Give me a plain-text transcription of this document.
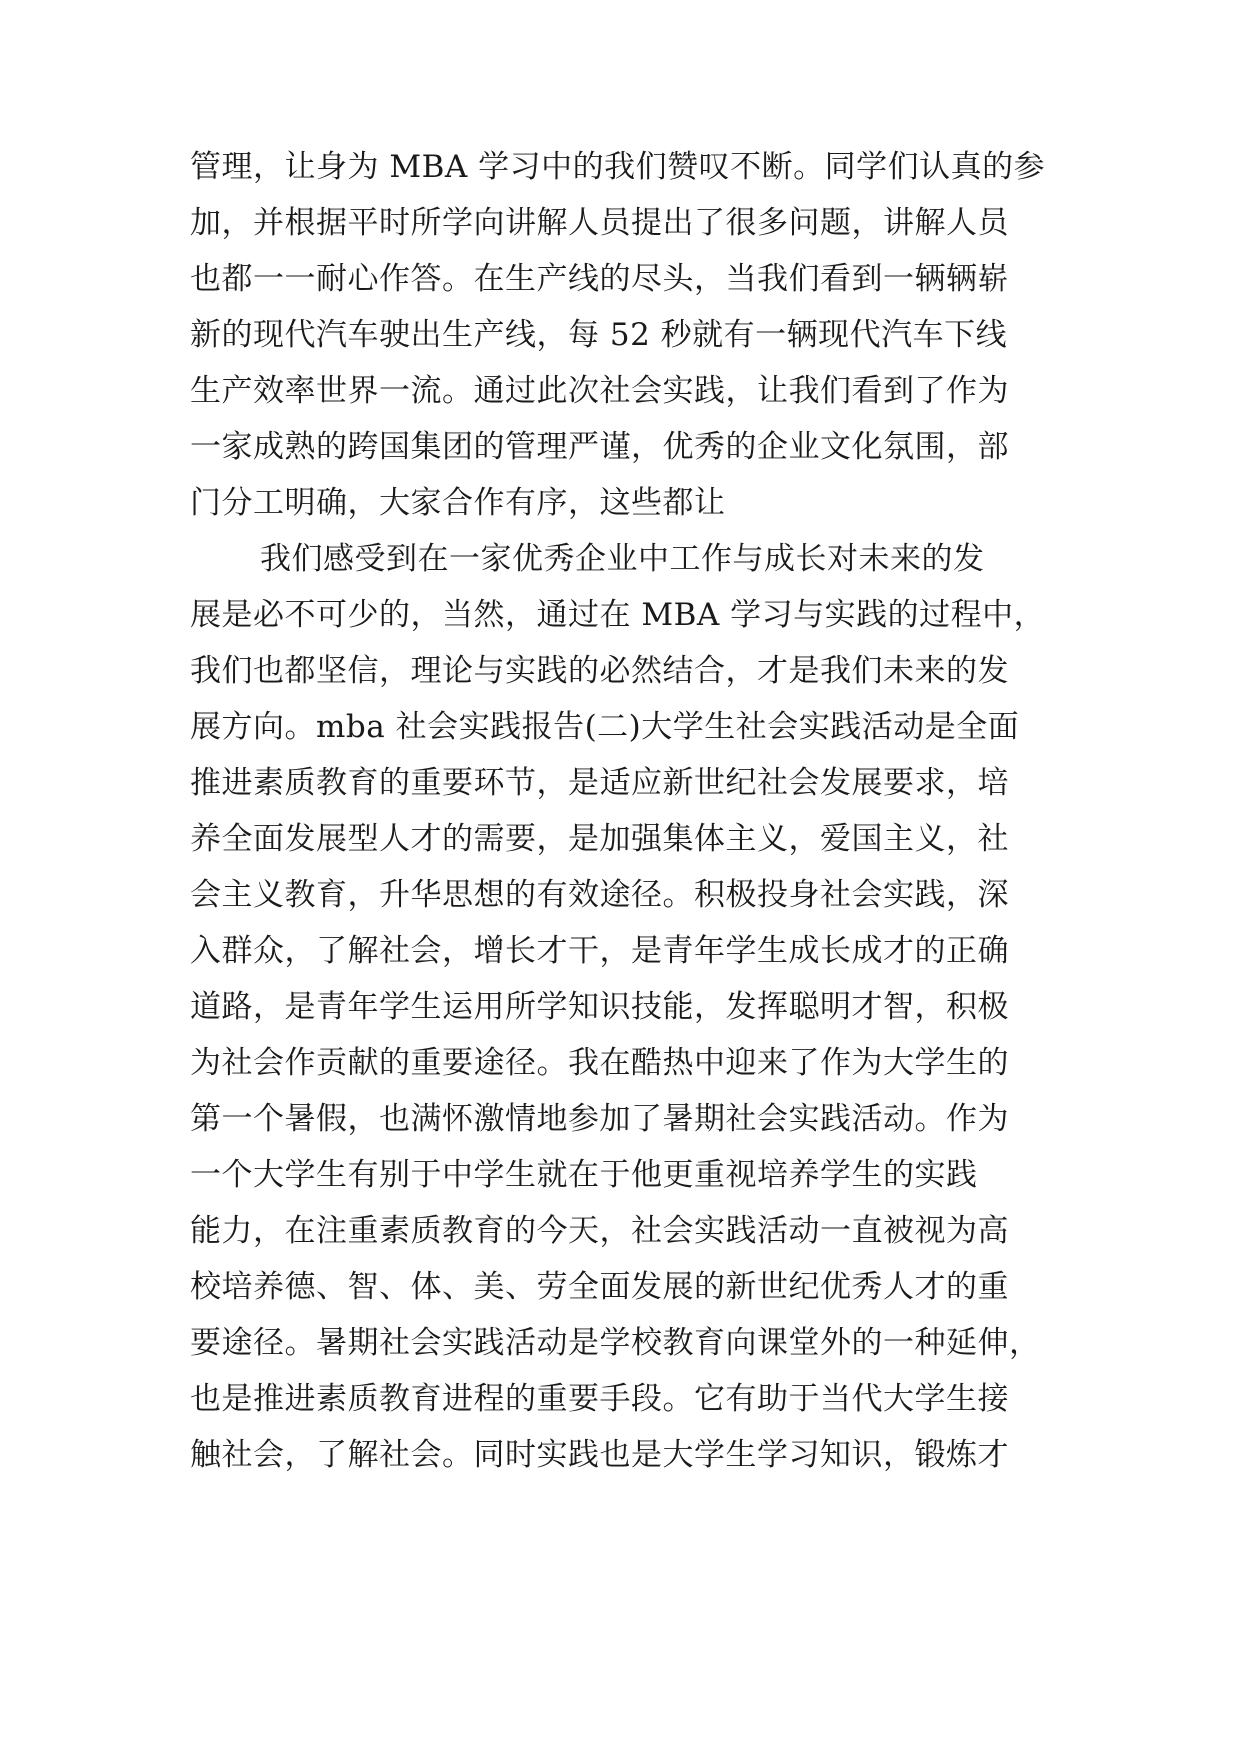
管理，让身为 MBA 学习中的我们赞叹不断。同学们认真的参
加，并根据平时所学向讲解人员提出了很多问题，讲解人员
也都一一耐心作答。在生产线的尽头，当我们看到一辆辆崭
新的现代汽车驶出生产线，每 52 秒就有一辆现代汽车下线
生产效率世界一流。通过此次社会实践，让我们看到了作为
一家成熟的跨国集团的管理严谨，优秀的企业文化氛围，部
门分工明确，大家合作有序，这些都让
我们感受到在一家优秀企业中工作与成长对未来的发
展是必不可少的，当然，通过在 MBA 学习与实践的过程中，
我们也都坚信，理论与实践的必然结合，才是我们未来的发
展方向。mba 社会实践报告(二)大学生社会实践活动是全面
推进素质教育的重要环节，是适应新世纪社会发展要求，培
养全面发展型人才的需要，是加强集体主义，爱国主义，社
会主义教育，升华思想的有效途径。积极投身社会实践，深
入群众，了解社会，增长才干，是青年学生成长成才的正确
道路，是青年学生运用所学知识技能，发挥聪明才智，积极
为社会作贡献的重要途径。我在酷热中迎来了作为大学生的
第一个暑假，也满怀激情地参加了暑期社会实践活动。作为
一个大学生有别于中学生就在于他更重视培养学生的实践
能力，在注重素质教育的今天，社会实践活动一直被视为高
校培养德、智、体、美、劳全面发展的新世纪优秀人才的重
要途径。暑期社会实践活动是学校教育向课堂外的一种延伸，
也是推进素质教育进程的重要手段。它有助于当代大学生接
触社会，了解社会。同时实践也是大学生学习知识，锻炼才
